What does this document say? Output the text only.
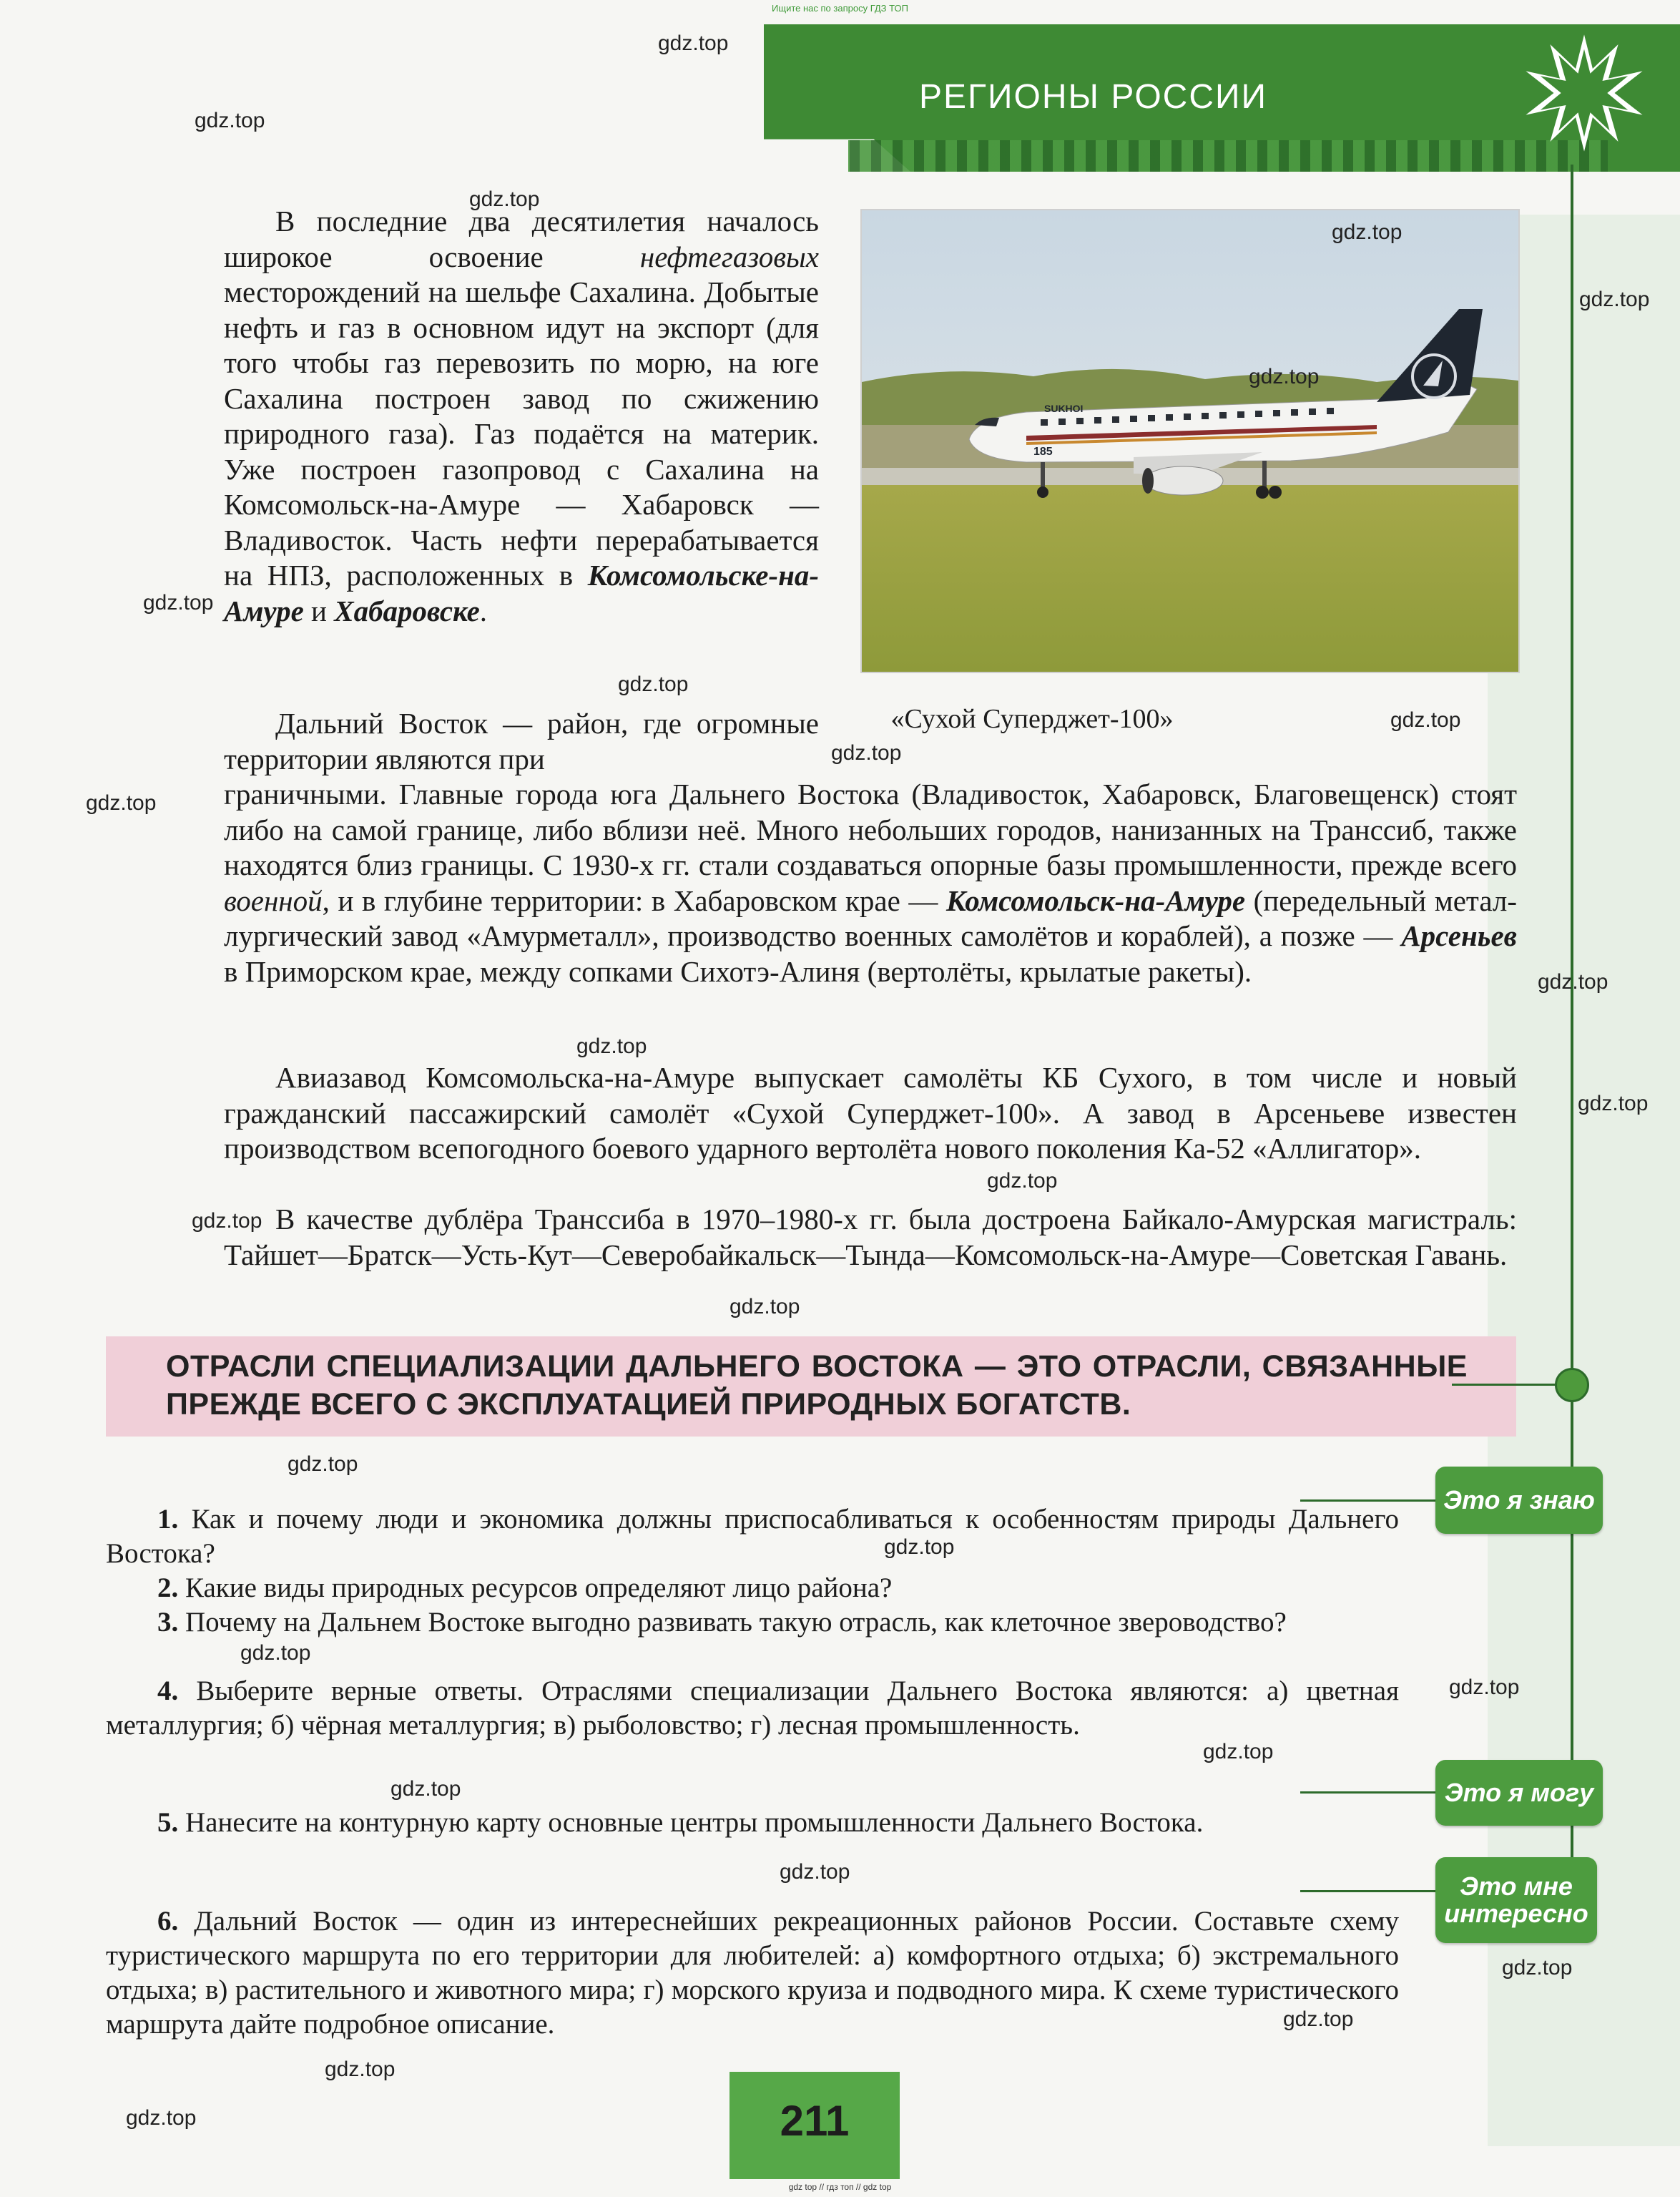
Ищите нас по запросу ГДЗ ТОП
gdz top // гдз топ // gdz top
РЕГИОНЫ РОССИИ
SUKHOI
185
В последние два десятилетия началось широкое освоение нефтегазовых месторождений на шельфе Сахалина. Добытые нефть и газ в основном идут на экспорт (для того чтобы газ перевозить по морю, на юге Сахалина построен завод по сжижению природного газа). Газ подаётся на материк. Уже построен газопровод с Сахалина на Комсомольск-на-Амуре — Хабаровск — Владивосток. Часть нефти перерабатывается на НПЗ, расположенных в Комсомольске-на-Амуре и Хабаровске.
Дальний Восток — район, где огромные территории являются при
«Сухой Суперджет-100»
граничными. Главные города юга Дальнего Востока (Владивосток, Хабаровск, Благовещенск) стоят либо на самой границе, либо вблизи неё. Много небольших городов, нанизанных на Транссиб, также находятся близ границы. С 1930-х гг. стали создаваться опорные базы промышленности, прежде всего военной, и в глубине территории: в Хабаровском крае — Комсомольск-на-Амуре (передельный металлургический завод «Амурметалл», производство военных самолётов и кораблей), а позже — Арсеньев в Приморском крае, между сопками Сихотэ-Алиня (вертолёты, крылатые ракеты).
Авиазавод Комсомольска-на-Амуре выпускает самолёты КБ Сухого, в том числе и новый гражданский пассажирский самолёт «Сухой Суперджет-100». А завод в Арсеньеве известен производством всепогодного боевого ударного вертолёта нового поколения Ка-52 «Аллигатор».
В качестве дублёра Транссиба в 1970–1980-х гг. была достроена Байкало-Амурская магистраль: Тайшет—Братск—Усть-Кут—Северобайкальск—Тында—Комсомольск-на-Амуре—Советская Гавань.
ОТРАСЛИ СПЕЦИАЛИЗАЦИИ ДАЛЬНЕГО ВОСТОКА — ЭТО ОТРАСЛИ, СВЯЗАННЫЕ ПРЕЖДЕ ВСЕГО С ЭКСПЛУАТАЦИЕЙ ПРИРОДНЫХ БОГАТСТВ.
Это я знаю
Это я могу
Это мне интересно
1. Как и почему люди и экономика должны приспосабливаться к особенностям природы Дальнего Востока?
2. Какие виды природных ресурсов определяют лицо района?
3. Почему на Дальнем Востоке выгодно развивать такую отрасль, как клеточное звероводство?
4. Выберите верные ответы. Отраслями специализации Дальнего Востока являются: а) цветная металлургия; б) чёрная металлургия; в) рыболовство; г) лесная промышленность.
5. Нанесите на контурную карту основные центры промышленности Дальнего Востока.
6. Дальний Восток — один из интереснейших рекреационных районов России. Составьте схему туристического маршрута по его территории для любителей: а) комфортного отдыха; б) экстремального отдыха; в) растительного и животного мира; г) морского круиза и подводного мира. К схеме туристического маршрута дайте подробное описание.
211
gdz.top
gdz.top
gdz.top
gdz.top
gdz.top
gdz.top
gdz.top
gdz.top
gdz.top
gdz.top
gdz.top
gdz.top
gdz.top
gdz.top
gdz.top
gdz.top
gdz.top
gdz.top
gdz.top
gdz.top
gdz.top
gdz.top
gdz.top
gdz.top
gdz.top
gdz.top
gdz.top
gdz.top
